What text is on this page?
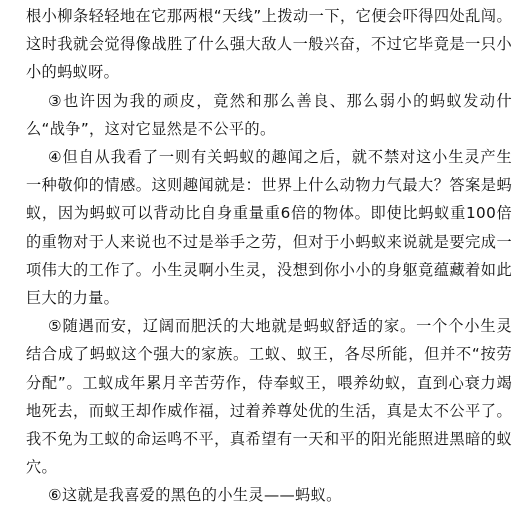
根小柳条轻轻地在它那两根“天线”上拨动一下，它便会吓得四处乱闯。这时我就会觉得像战胜了什么强大敌人一般兴奋，不过它毕竟是一只小小的蚂蚁呀。

③也许因为我的顽皮，竟然和那么善良、那么弱小的蚂蚁发动什么“战争”，这对它显然是不公平的。

④但自从我看了一则有关蚂蚁的趣闻之后，就不禁对这小生灵产生一种敬仰的情感。这则趣闻就是：世界上什么动物力气最大？答案是蚂蚁，因为蚂蚁可以背动比自身重量重6倍的物体。即使比蚂蚁重100倍的重物对于人来说也不过是举手之劳，但对于小蚂蚁来说就是要完成一项伟大的工作了。小生灵啊小生灵，没想到你小小的身躯竟蕴藏着如此巨大的力量。

⑤随遇而安，辽阔而肥沃的大地就是蚂蚁舒适的家。一个个小生灵结合成了蚂蚁这个强大的家族。工蚁、蚁王，各尽所能，但并不“按劳分配”。工蚁成年累月辛苦劳作，侍奉蚁王，喂养幼蚁，直到心衰力竭地死去，而蚁王却作威作福，过着养尊处优的生活，真是太不公平了。我不免为工蚁的命运鸣不平，真希望有一天和平的阳光能照进黑暗的蚁穴。

⑥这就是我喜爱的黑色的小生灵——蚂蚁。
